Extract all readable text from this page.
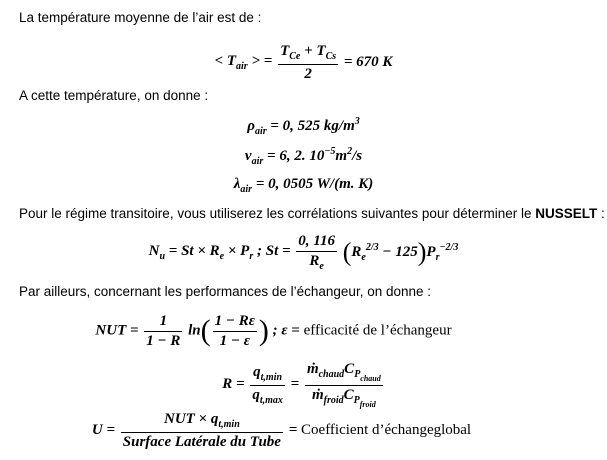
La température moyenne de l’air est de :
< $T_{air}$ > = $\frac{T_{Ce} + T_{Cs}}{2} = 670$ K
A cette température, on donne :
$\rho_{air} = 0$, 525 $kg/m^3$
$\nu_{air} = 6$, 2. $10^{-5}m^2/s$
$\lambda_{air} = 0$, 0505 W/(m. K)
Pour le régime transitoire, vous utiliserez les corrélations suivantes pour déterminer le NUSSELT :
$N_u = St \times R_e \times P_r$ ; $St = \frac{0, 116}{R_e} (R_e^{2/3} - 125)P_r^{-2/3}$
Par ailleurs, concernant les performances de l’échangeur, on donne :
NUT = $\frac{1}{1 - R} \ln( \frac{1 - R\varepsilon}{1 - \varepsilon}$ ) ; ε = efficacité de l’échangeur
$R = \frac{q_{t,min}}{q_{t,max}} = \frac{ṁ_{chaud}C_{P_{chaud}}}{ṁ_{froid}C_{P_{froid}}}$
$U = \frac{NUT \times q_{t,min}}{\text{Surface Latérale du Tube}}$ = Coefficient d’échangeglobal
